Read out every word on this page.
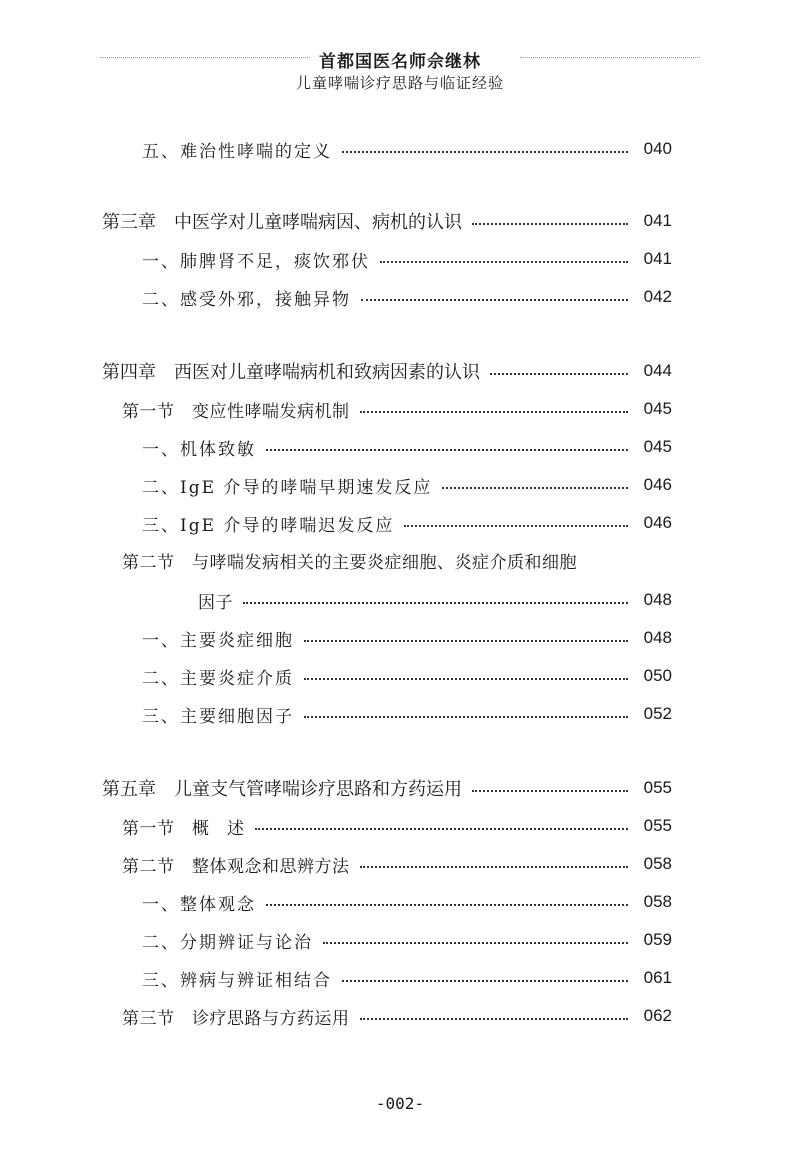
首都国医名师佘继林
儿童哮喘诊疗思路与临证经验
五、难治性哮喘的定义	040
第三章　中医学对儿童哮喘病因、病机的认识	041
一、肺脾肾不足，痰饮邪伏	041
二、感受外邪，接触异物	042
第四章　西医对儿童哮喘病机和致病因素的认识	044
第一节　变应性哮喘发病机制	045
一、机体致敏	045
二、IgE 介导的哮喘早期速发反应	046
三、IgE 介导的哮喘迟发反应	046
第二节　与哮喘发病相关的主要炎症细胞、炎症介质和细胞
因子	048
一、主要炎症细胞	048
二、主要炎症介质	050
三、主要细胞因子	052
第五章　儿童支气管哮喘诊疗思路和方药运用	055
第一节　概　述	055
第二节　整体观念和思辨方法	058
一、整体观念	058
二、分期辨证与论治	059
三、辨病与辨证相结合	061
第三节　诊疗思路与方药运用	062
-002-
